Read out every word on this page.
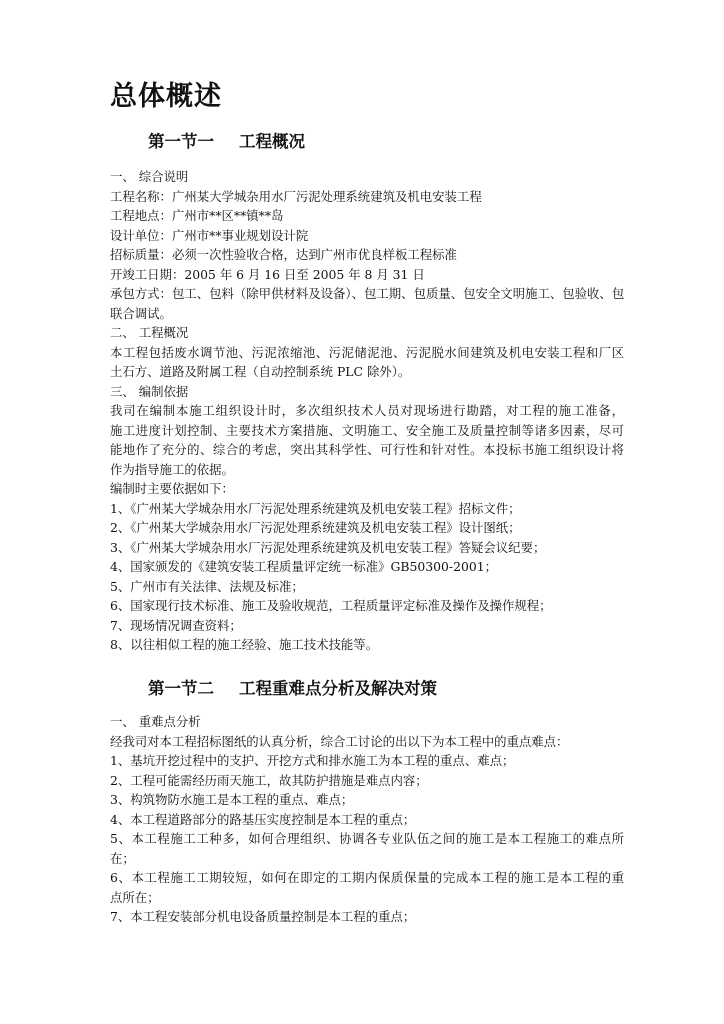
总体概述
第一节一 工程概况
一、 综合说明
工程名称：广州某大学城杂用水厂污泥处理系统建筑及机电安装工程
工程地点：广州市**区**镇**岛
设计单位：广州市**事业规划设计院
招标质量：必须一次性验收合格，达到广州市优良样板工程标准
开竣工日期：2005 年 6 月 16 日至 2005 年 8 月 31 日
承包方式：包工、包料（除甲供材料及设备）、包工期、包质量、包安全文明施工、包验收、包
联合调试。
二、 工程概况
本工程包括废水调节池、污泥浓缩池、污泥储泥池、污泥脱水间建筑及机电安装工程和厂区
土石方、道路及附属工程（自动控制系统 PLC 除外）。
三、 编制依据
我司在编制本施工组织设计时，多次组织技术人员对现场进行勘踏，对工程的施工准备，
施工进度计划控制、主要技术方案措施、文明施工、安全施工及质量控制等诸多因素，尽可
能地作了充分的、综合的考虑，突出其科学性、可行性和针对性。本投标书施工组织设计将
作为指导施工的依据。
编制时主要依据如下：
1、《广州某大学城杂用水厂污泥处理系统建筑及机电安装工程》招标文件；
2、《广州某大学城杂用水厂污泥处理系统建筑及机电安装工程》设计图纸；
3、《广州某大学城杂用水厂污泥处理系统建筑及机电安装工程》答疑会议纪要；
4、国家颁发的《建筑安装工程质量评定统一标准》GB50300-2001；
5、广州市有关法律、法规及标准；
6、国家现行技术标准、施工及验收规范，工程质量评定标准及操作及操作规程；
7、现场情况调查资料；
8、以往相似工程的施工经验、施工技术技能等。
第一节二 工程重难点分析及解决对策
一、 重难点分析
经我司对本工程招标图纸的认真分析，综合工讨论的出以下为本工程中的重点难点：
1、基坑开挖过程中的支护、开挖方式和排水施工为本工程的重点、难点；
2、工程可能需经历雨天施工，故其防护措施是难点内容；
3、构筑物防水施工是本工程的重点、难点；
4、本工程道路部分的路基压实度控制是本工程的重点；
5、本工程施工工种多，如何合理组织、协调各专业队伍之间的施工是本工程施工的难点所
在；
6、本工程施工工期较短，如何在即定的工期内保质保量的完成本工程的施工是本工程的重
点所在；
7、本工程安装部分机电设备质量控制是本工程的重点；
